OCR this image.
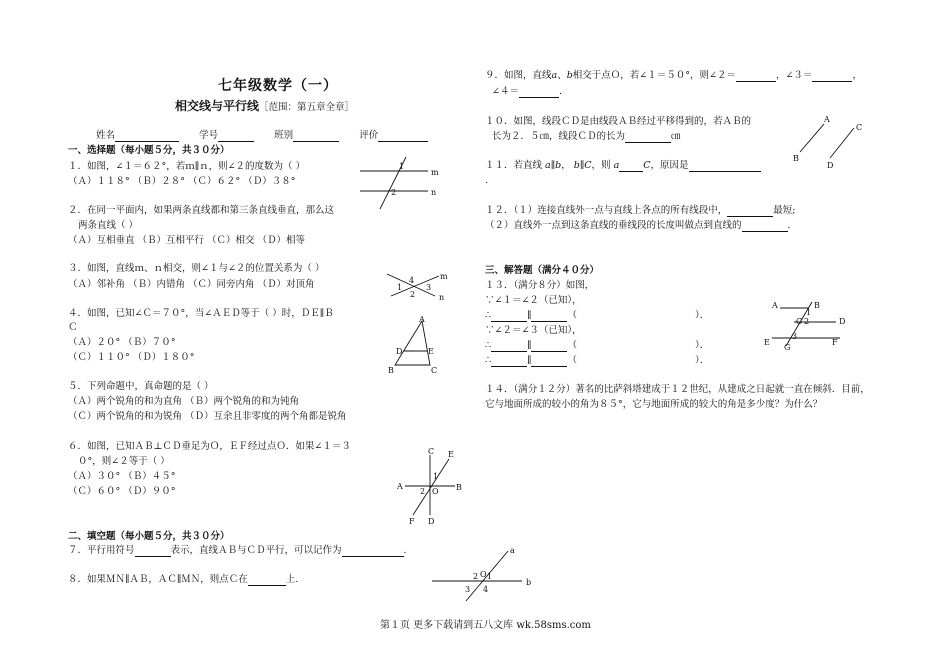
七年级数学（一）
相交线与平行线［范围：第五章全章］
姓名	学号	班别	评价
一、选择题（每小题５分，共３０分）
１．如图，∠１＝６２°，若ｍ∥ｎ，则∠２的度数为（ ）
（Ａ）１１８° （Ｂ）２８° （Ｃ）６２° （Ｄ）３８°
２．在同一平面内，如果两条直线都和第三条直线垂直，那么这
两条直线（ ）
（Ａ）互相垂直 （Ｂ）互相平行 （Ｃ）相交 （Ｄ）相等
３．如图，直线ｍ、ｎ相交，则∠１与∠２的位置关系为（ ）
（Ａ）邻补角 （Ｂ）内错角 （Ｃ）同旁内角 （Ｄ）对顶角
４．如图，已知∠Ｃ＝７０°，当∠ＡＥＤ等于（ ）时，ＤＥ∥Ｂ
Ｃ
（Ａ）２０° （Ｂ）７０°
（Ｃ）１１０° （Ｄ）１８０°
５．下列命题中，真命题的是（ ）
（Ａ）两个锐角的和为直角 （Ｂ）两个锐角的和为钝角
（Ｃ）两个锐角的和为锐角 （Ｄ）互余且非零度的两个角都是锐角
６．如图，已知ＡＢ⊥ＣＤ垂足为Ｏ，ＥＦ经过点Ｏ．如果∠１＝３
０°，则∠２等于（ ）
（Ａ）３０° （Ｂ）４５°
（Ｃ）６０° （Ｄ）９０°
二、填空题（每小题５分，共３０分）
７．平行用符号	表示，直线ＡＢ与ＣＤ平行，可以记作为	.
８．如果ＭＮ∥ＡＢ，ＡＣ∥ＭＮ，则点Ｃ在	上.
９．如图，直线a、b相交于点Ｏ，若∠１＝５０°，则∠２＝	，∠３＝	，
∠４＝	.
１０．如图，线段ＣＤ是由线段ＡＢ经过平移得到的，若ＡＢ的
长为２．５㎝，线段ＣＤ的长为	㎝
１１．若直线 a∥b， b∥C，则 a	C，原因是
.
１２．（１）连接直线外一点与直线上各点的所有线段中，	最短;
（２）直线外一点到这条直线的垂线段的长度叫做点到直线的	.
三、解答题（满分４０分）
１３．（满分８分）如图，
∵∠１＝∠２（已知），
∴	∥	（	）．
∵∠２＝∠３（已知），
∴	∥	（	）．
∴	∥	（	）．
１４．（满分１２分）著名的比萨斜塔建成于１２世纪，从建成之日起就一直在倾斜．目前，
它与地面所成的较小的角为８５°，它与地面所成的较大的角是多少度？为什么？
1
2
m
n
4
1	3
2
m
n
A
D	E
B	C
C E
1
A	B
2 O
F D
a
b
2 O 1
3 4
A
C
B
D
A	B
C 2
1
D
3
E
G
F
第１页 更多下载请到五八文库 wk.58sms.com
